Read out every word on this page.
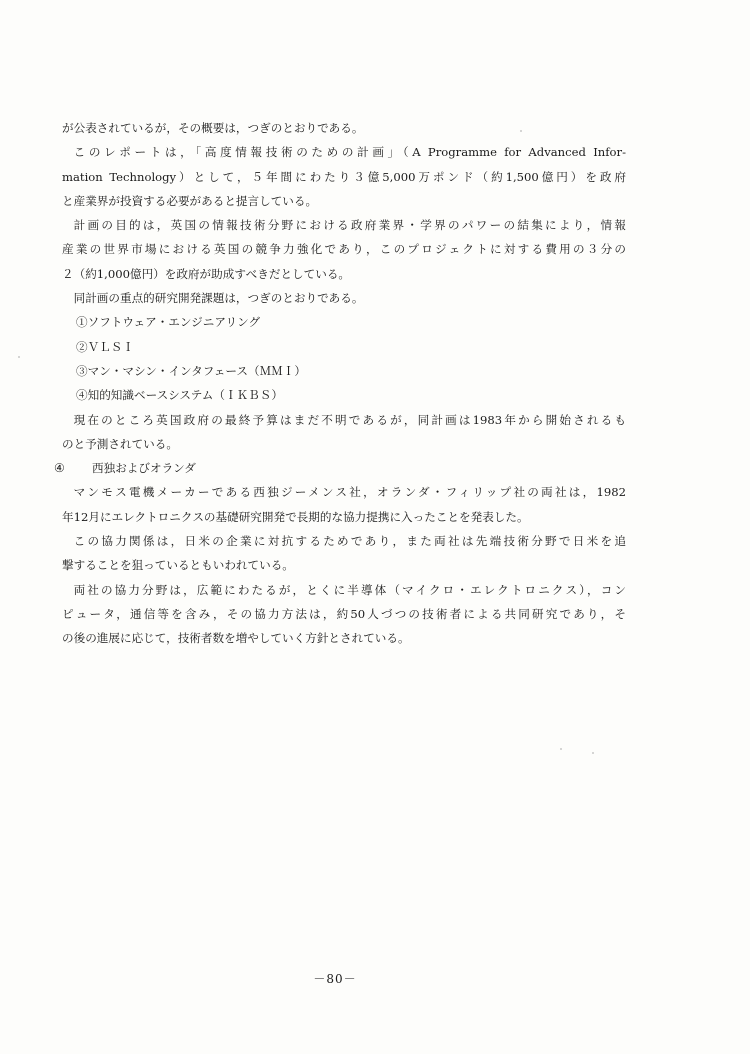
が公表されているが，その概要は，つぎのとおりである。

このレポートは，「高度情報技術のための計画」（A Programme for Advanced Infor-

mation Technology）として，５年間にわたり３億5,000万ポンド（約1,500億円）を政府

と産業界が投資する必要があると提言している。

計画の目的は，英国の情報技術分野における政府業界・学界のパワーの結集により，情報

産業の世界市場における英国の競争力強化であり，このプロジェクトに対する費用の３分の

２（約1,000億円）を政府が助成すべきだとしている。

同計画の重点的研究開発課題は，つぎのとおりである。

①ソフトウェア・エンジニアリング

②ＶＬＳＩ

③マン・マシン・インタフェース（ＭＭＩ）

④知的知識ベースシステム（ＩＫＢＳ）

現在のところ英国政府の最終予算はまだ不明であるが，同計画は1983年から開始されるも

のと予測されている。

④ 西独およびオランダ

マンモス電機メーカーである西独ジーメンス社，オランダ・フィリップ社の両社は，1982

年12月にエレクトロニクスの基礎研究開発で長期的な協力提携に入ったことを発表した。

この協力関係は，日米の企業に対抗するためであり，また両社は先端技術分野で日米を追

撃することを狙っているともいわれている。

両社の協力分野は，広範にわたるが，とくに半導体（マイクロ・エレクトロニクス），コン

ピュータ，通信等を含み，その協力方法は，約50人づつの技術者による共同研究であり，そ

の後の進展に応じて，技術者数を増やしていく方針とされている。

－80－
